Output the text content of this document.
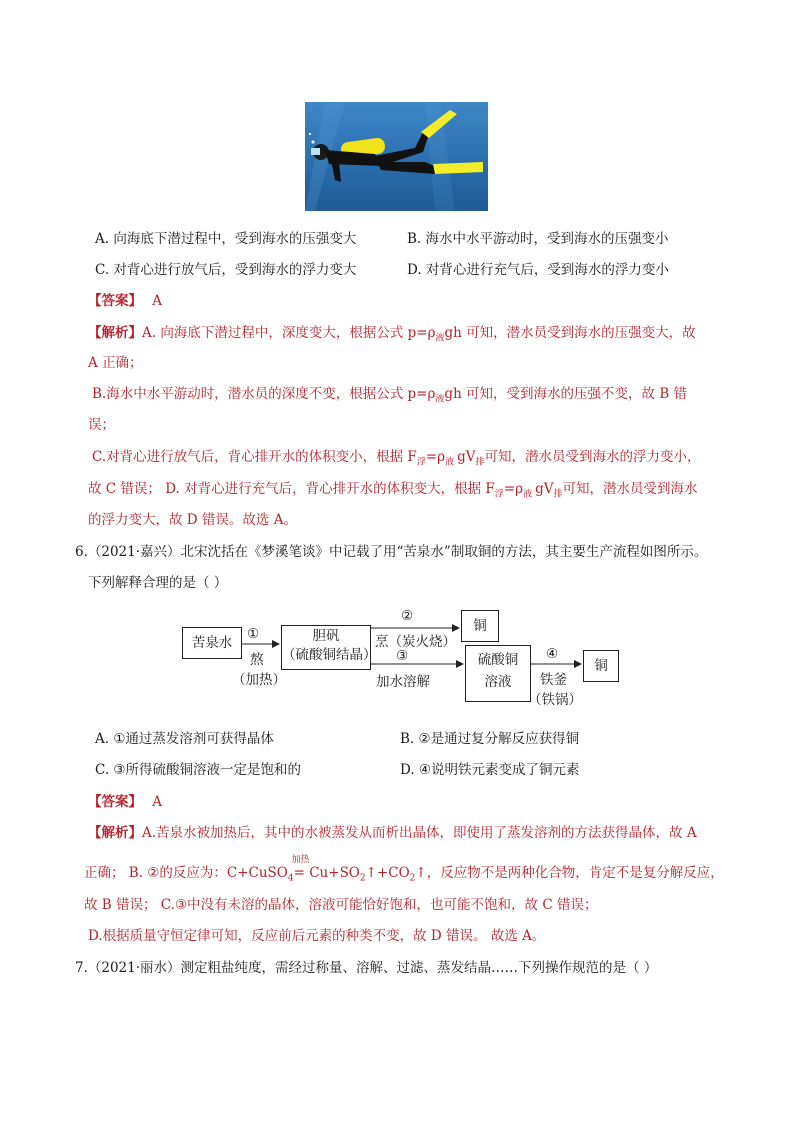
A. 向海底下潜过程中，受到海水的压强变大	B. 海水中水平游动时，受到海水的压强变小
C. 对背心进行放气后，受到海水的浮力变大	D. 对背心进行充气后，受到海水的浮力变小
【答案】 A
【解析】A. 向海底下潜过程中，深度变大，根据公式 $p=\rho_液gh$ 可知，潜水员受到海水的压强变大，故
A 正确；
B.海水中水平游动时，潜水员的深度不变，根据公式 $p=\rho_液gh$ 可知，受到海水的压强不变，故 B 错
误；
C.对背心进行放气后，背心排开水的体积变小，根据 $F_浮=\rho_液$ $gV_排$可知，潜水员受到海水的浮力变小，
故 C 错误； D. 对背心进行充气后，背心排开水的体积变大，根据 $F_浮=\rho_液$ $gV_排$可知，潜水员受到海水
的浮力变大，故 D 错误。故选 A。
6.（2021·嘉兴）北宋沈括在《梦溪笔谈》中记载了用“苦泉水”制取铜的方法，其主要生产流程如图所示。
下列解释合理的是（ ）
苦泉水
①
熬
（加热）
胆矾
（硫酸铜结晶）
②
烹（炭火烧）
铜
③
加水溶解
硫酸铜
溶液
④
铁釜
（铁锅）
铜
A. ①通过蒸发溶剂可获得晶体	B. ②是通过复分解反应获得铜
C. ③所得硫酸铜溶液一定是饱和的	D. ④说明铁元素变成了铜元素
【答案】 A
【解析】A.苦泉水被加热后，其中的水被蒸发从而析出晶体，即使用了蒸发溶剂的方法获得晶体，故 A
正确； B. ②的反应为：C+CuSO$_4$
加热
= $Cu+SO_2↑+CO_2↑$，反应物不是两种化合物，肯定不是复分解反应，
故 B 错误； C.③中没有未溶的晶体，溶液可能恰好饱和，也可能不饱和，故 C 错误；
D.根据质量守恒定律可知，反应前后元素的种类不变，故 D 错误。 故选 A。
7.（2021·丽水）测定粗盐纯度，需经过称量、溶解、过滤、蒸发结晶……下列操作规范的是（ ）
